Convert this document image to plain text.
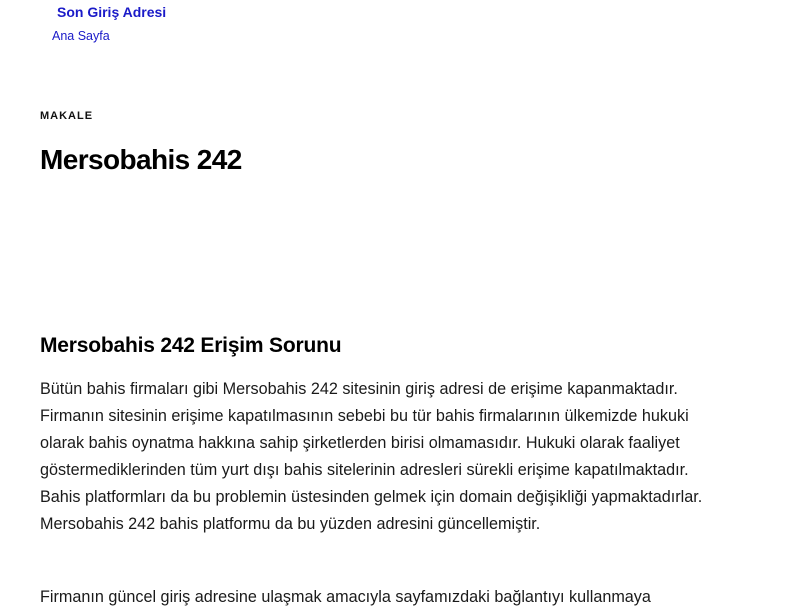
Son Giriş Adresi
Ana Sayfa
MAKALE
Mersobahis 242
Mersobahis 242 Erişim Sorunu

Bütün bahis firmaları gibi Mersobahis 242 sitesinin giriş adresi de erişime kapanmaktadır. Firmanın sitesinin erişime kapatılmasının sebebi bu tür bahis firmalarının ülkemizde hukuki olarak bahis oynatma hakkına sahip şirketlerden birisi olmamasıdır. Hukuki olarak faaliyet göstermediklerinden tüm yurt dışı bahis sitelerinin adresleri sürekli erişime kapatılmaktadır. Bahis platformları da bu problemin üstesinden gelmek için domain değişikliği yapmaktadırlar. Mersobahis 242 bahis platformu da bu yüzden adresini güncellemiştir.

Firmanın güncel giriş adresine ulaşmak amacıyla sayfamızdaki bağlantıyı kullanmaya
